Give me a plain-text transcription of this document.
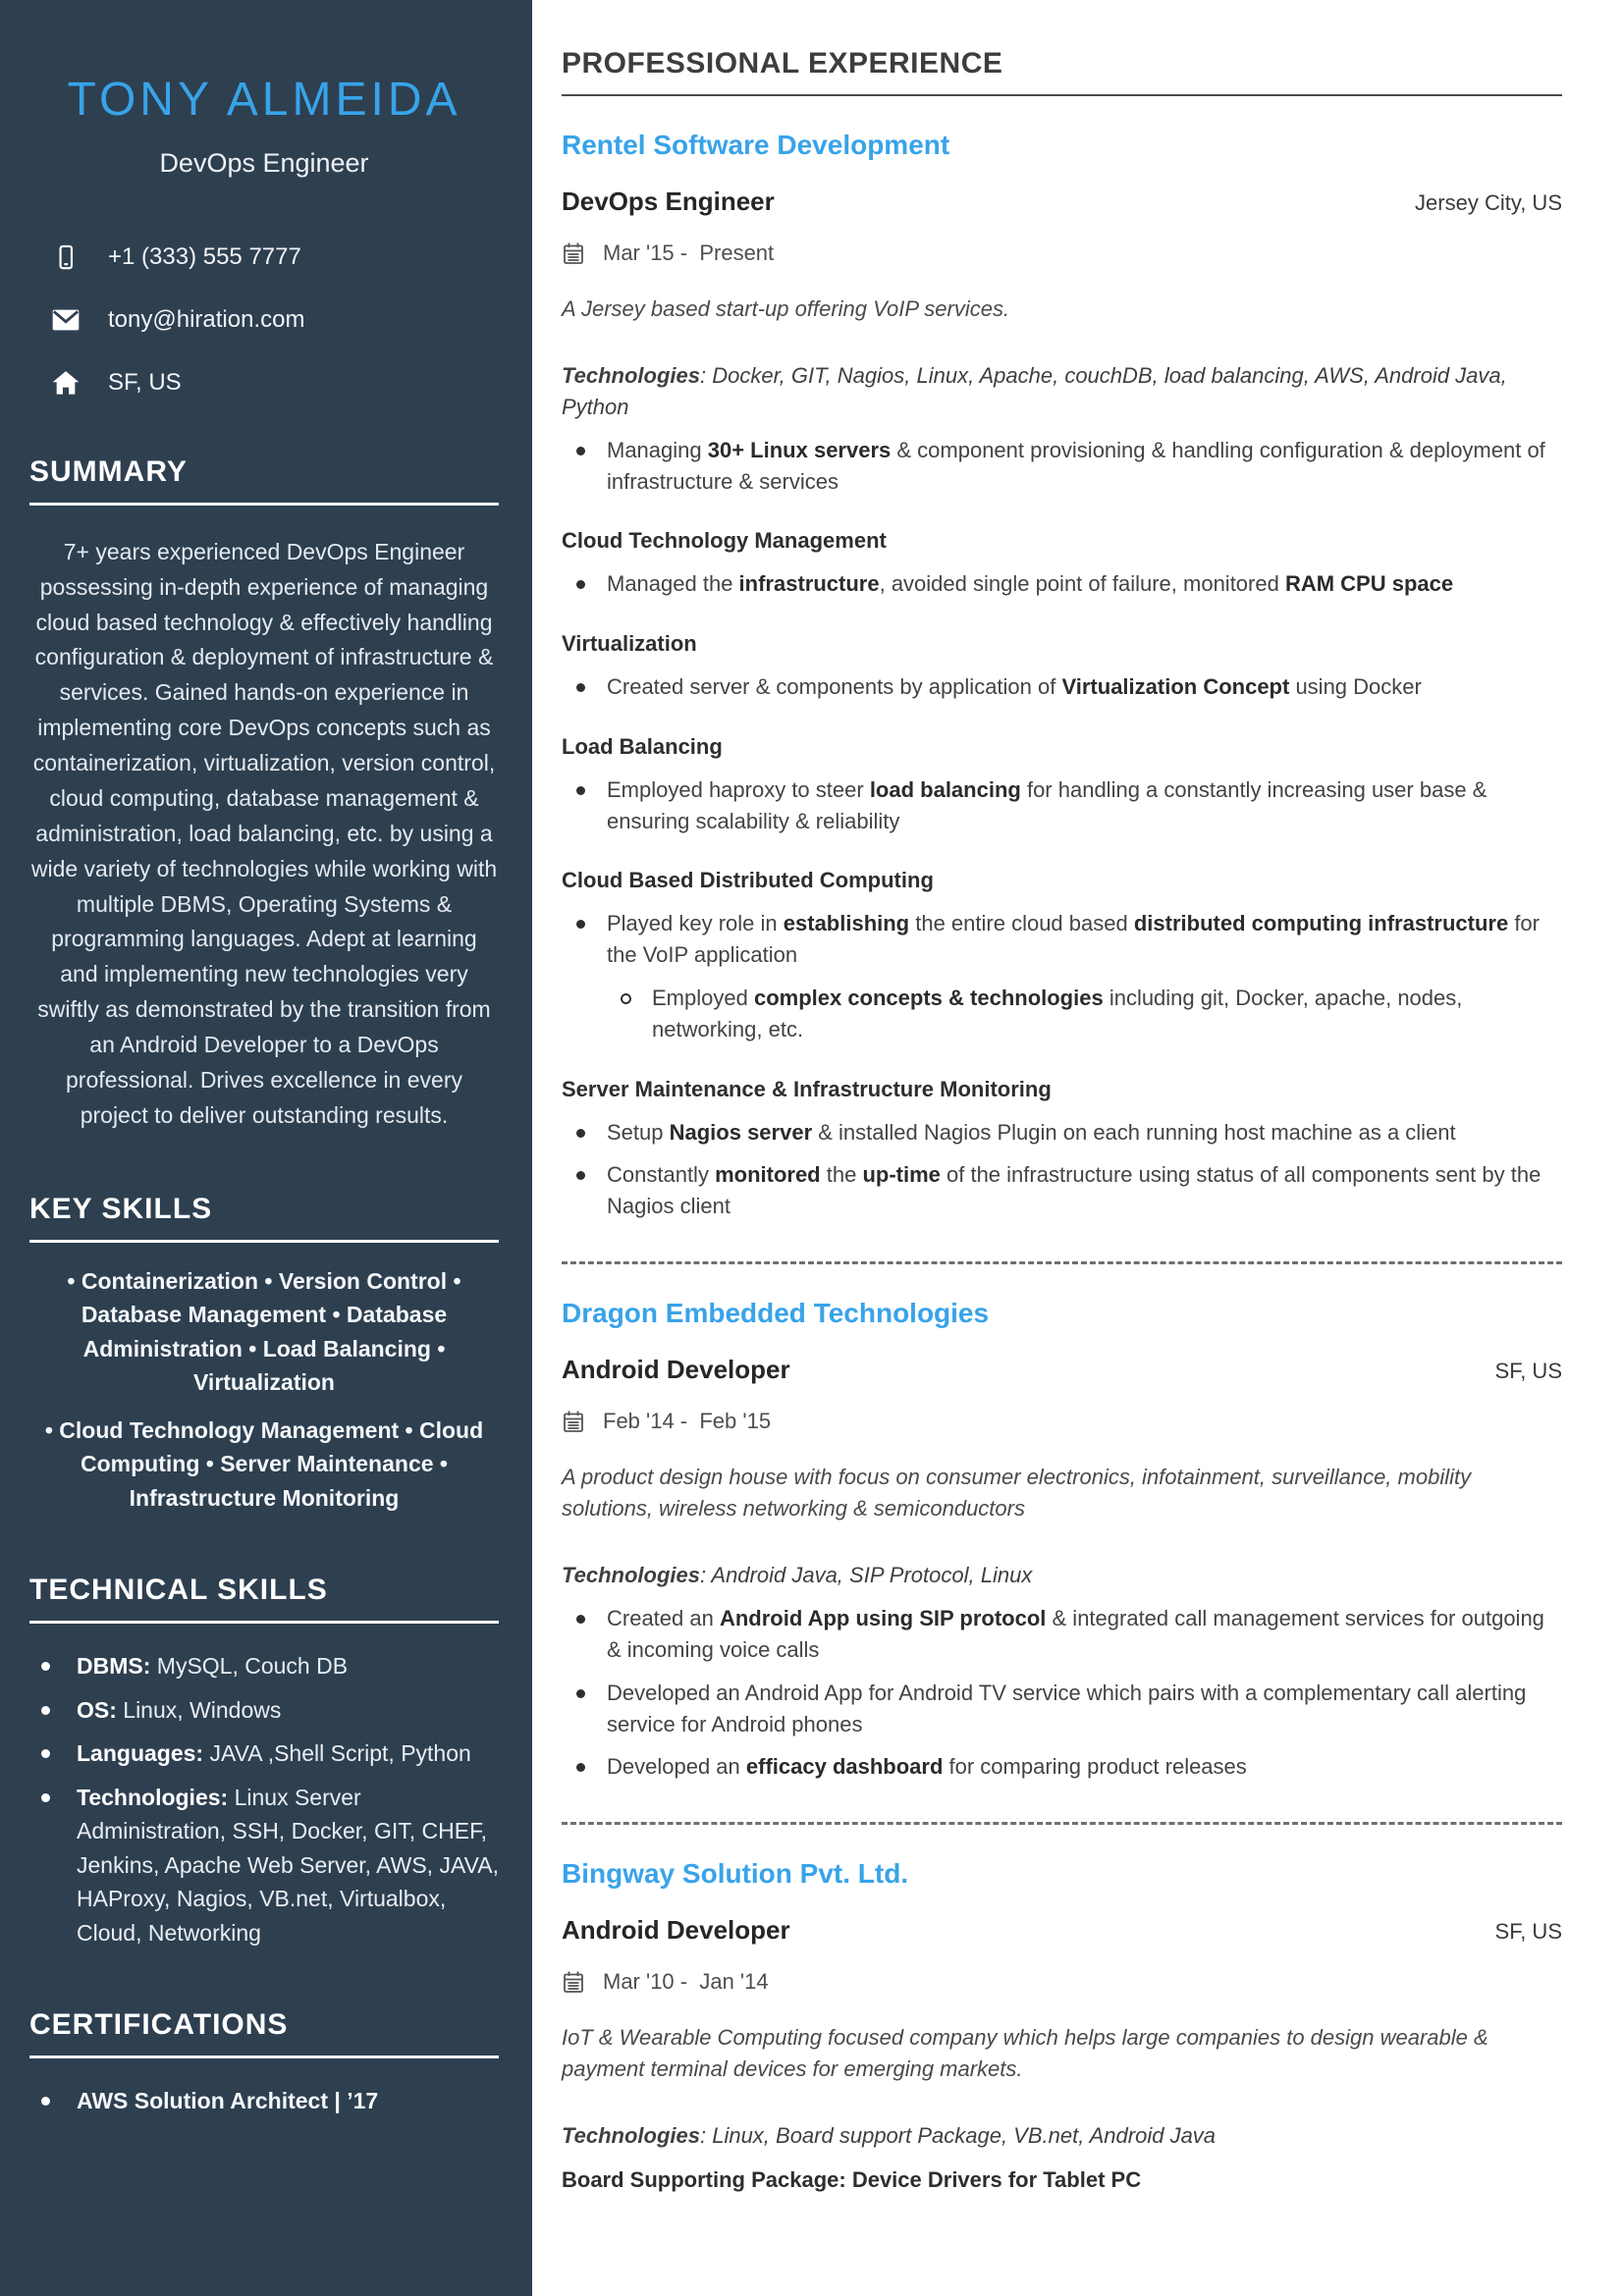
TONY ALMEIDA
DevOps Engineer
+1 (333) 555 7777
tony@hiration.com
SF, US
SUMMARY

7+ years experienced DevOps Engineer possessing in-depth experience of managing cloud based technology & effectively handling configuration & deployment of infrastructure & services. Gained hands-on experience in implementing core DevOps concepts such as containerization, virtualization, version control, cloud computing, database management & administration, load balancing, etc. by using a wide variety of technologies while working with multiple DBMS, Operating Systems & programming languages. Adept at learning and implementing new technologies very swiftly as demonstrated by the transition from an Android Developer to a DevOps professional. Drives excellence in every project to deliver outstanding results.

KEY SKILLS

• Containerization • Version Control • Database Management • Database Administration • Load Balancing • Virtualization

• Cloud Technology Management • Cloud Computing • Server Maintenance • Infrastructure Monitoring

TECHNICAL SKILLS
DBMS: MySQL, Couch DB
OS: Linux, Windows
Languages: JAVA ,Shell Script, Python
Technologies: Linux Server Administration, SSH, Docker, GIT, CHEF, Jenkins, Apache Web Server, AWS, JAVA, HAProxy, Nagios, VB.net, Virtualbox, Cloud, Networking
CERTIFICATIONS
AWS Solution Architect | ’17
PROFESSIONAL EXPERIENCE
Rentel Software Development
DevOps Engineer	Jersey City, US
Mar '15 -  Present

A Jersey based start-up offering VoIP services.

Technologies: Docker, GIT, Nagios, Linux, Apache, couchDB, load balancing, AWS, Android Java, Python

Managing 30+ Linux servers & component provisioning & handling configuration & deployment of infrastructure & services
Cloud Technology Management
Managed the infrastructure, avoided single point of failure, monitored RAM CPU space
Virtualization
Created server & components by application of Virtualization Concept using Docker
Load Balancing
Employed haproxy to steer load balancing for handling a constantly increasing user base & ensuring scalability & reliability
Cloud Based Distributed Computing
Played key role in establishing the entire cloud based distributed computing infrastructure for the VoIP application
Employed complex concepts & technologies including git, Docker, apache, nodes, networking, etc.
Server Maintenance & Infrastructure Monitoring
Setup Nagios server & installed Nagios Plugin on each running host machine as a client
Constantly monitored the up-time of the infrastructure using status of all components sent by the Nagios client
Dragon Embedded Technologies
Android Developer	SF, US
Feb '14 -  Feb '15

A product design house with focus on consumer electronics, infotainment, surveillance, mobility solutions, wireless networking & semiconductors

Technologies: Android Java, SIP Protocol, Linux

Created an Android App using SIP protocol & integrated call management services for outgoing & incoming voice calls
Developed an Android App for Android TV service which pairs with a complementary call alerting service for Android phones
Developed an efficacy dashboard for comparing product releases
Bingway Solution Pvt. Ltd.
Android Developer	SF, US
Mar '10 -  Jan '14

IoT & Wearable Computing focused company which helps large companies to design wearable & payment terminal devices for emerging markets.

Technologies: Linux, Board support Package, VB.net, Android Java

Board Supporting Package: Device Drivers for Tablet PC
